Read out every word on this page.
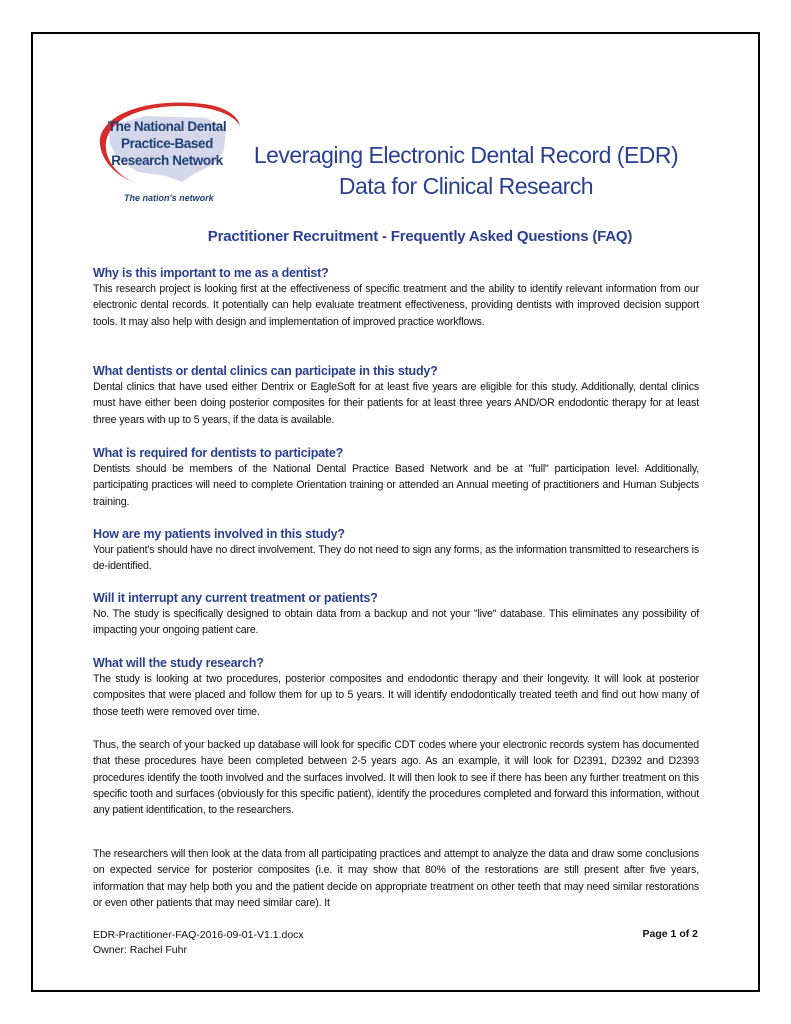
The National Dental
Practice-Based
Research Network
The nation's network
Leveraging Electronic Dental Record (EDR)
Data for Clinical Research
Practitioner Recruitment - Frequently Asked Questions (FAQ)
Why is this important to me as a dentist?

This research project is looking first at the effectiveness of specific treatment and the ability to identify relevant information from our electronic dental records. It potentially can help evaluate treatment effectiveness, providing dentists with improved decision support tools. It may also help with design and implementation of improved practice workflows.

What dentists or dental clinics can participate in this study?

Dental clinics that have used either Dentrix or EagleSoft for at least five years are eligible for this study. Additionally, dental clinics must have either been doing posterior composites for their patients for at least three years AND/OR endodontic therapy for at least three years with up to 5 years, if the data is available.

What is required for dentists to participate?

Dentists should be members of the National Dental Practice Based Network and be at "full" participation level. Additionally, participating practices will need to complete Orientation training or attended an Annual meeting of practitioners and Human Subjects training.

How are my patients involved in this study?

Your patient's should have no direct involvement. They do not need to sign any forms, as the information transmitted to researchers is de-identified.

Will it interrupt any current treatment or patients?

No. The study is specifically designed to obtain data from a backup and not your "live" database. This eliminates any possibility of impacting your ongoing patient care.

What will the study research?

The study is looking at two procedures, posterior composites and endodontic therapy and their longevity. It will look at posterior composites that were placed and follow them for up to 5 years. It will identify endodontically treated teeth and find out how many of those teeth were removed over time.

Thus, the search of your backed up database will look for specific CDT codes where your electronic records system has documented that these procedures have been completed between 2-5 years ago. As an example, it will look for D2391, D2392 and D2393 procedures identify the tooth involved and the surfaces involved. It will then look to see if there has been any further treatment on this specific tooth and surfaces (obviously for this specific patient), identify the procedures completed and forward this information, without any patient identification, to the researchers.

The researchers will then look at the data from all participating practices and attempt to analyze the data and draw some conclusions on expected service for posterior composites (i.e. it may show that 80% of the restorations are still present after five years, information that may help both you and the patient decide on appropriate treatment on other teeth that may need similar restorations or even other patients that may need similar care). It

EDR-Practitioner-FAQ-2016-09-01-V1.1.docx
Owner: Rachel Fuhr
Page 1 of 2
